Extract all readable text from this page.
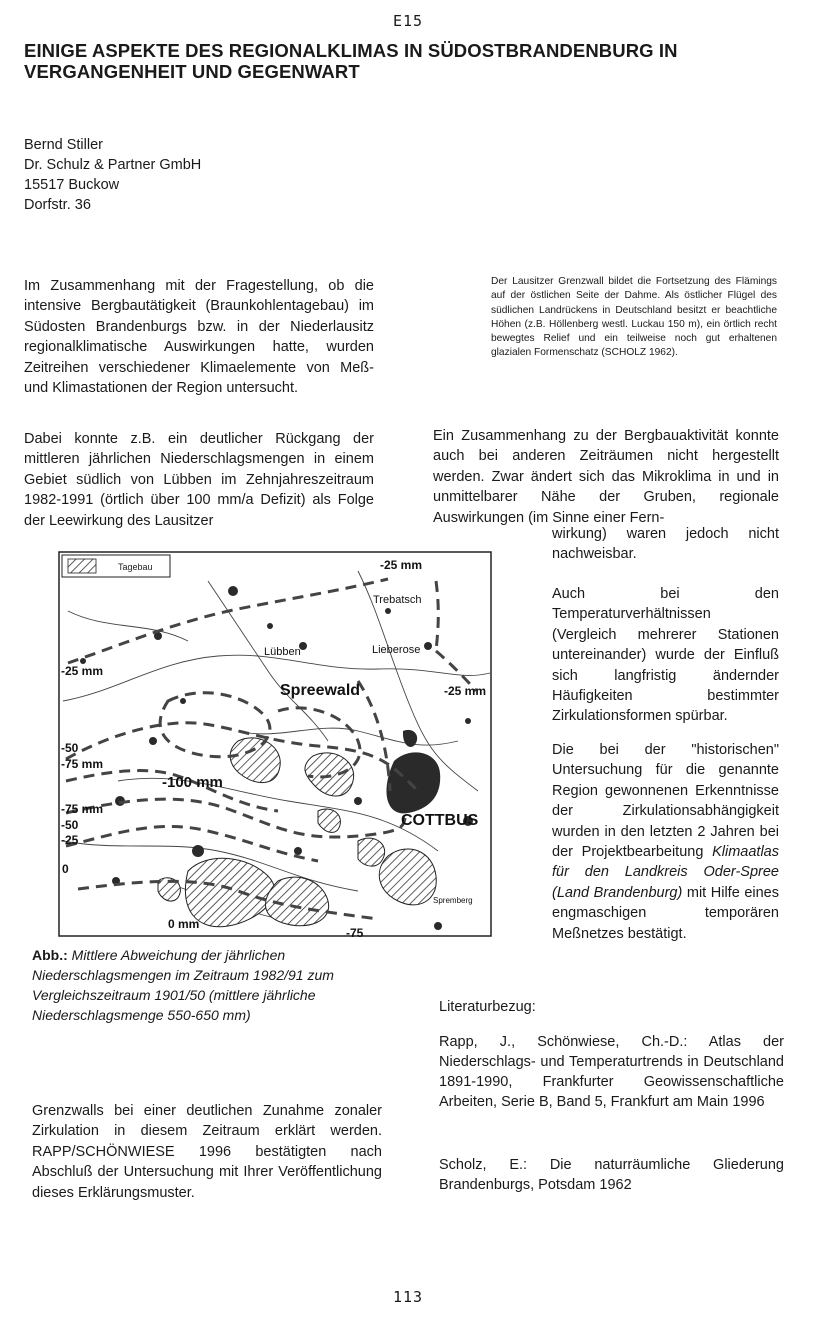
E15
EINIGE ASPEKTE DES REGIONALKLIMAS IN SÜDOSTBRANDENBURG IN VERGANGENHEIT UND GEGENWART
Bernd Stiller
Dr. Schulz & Partner GmbH
15517 Buckow
Dorfstr. 36
Im Zusammenhang mit der Fragestellung, ob die intensive Bergbautätigkeit (Braunkohlentagebau) im Südosten Brandenburgs bzw. in der Niederlausitz regionalklimatische Auswirkungen hatte, wurden Zeitreihen verschiedener Klimaelemente von Meß- und Klimastationen der Region untersucht.
Dabei konnte z.B. ein deutlicher Rückgang der mittleren jährlichen Niederschlagsmengen in einem Gebiet südlich von Lübben im Zehnjahreszeitraum 1982-1991 (örtlich über 100 mm/a Defizit) als Folge der Leewirkung des Lausitzer
Tagebau	-25 mm
Trebatsch
Lübben	Lieberose
-25 mm
Spreewald	-25 mm
-50
-75 mm
-100 mm
-75 mm
-50
-25
0
COTTBUS
0 mm
-75
Spremberg
Abb.: Mittlere Abweichung der jährlichen Niederschlagsmengen im Zeitraum 1982/91 zum Vergleichszeitraum 1901/50 (mittlere jährliche Niederschlagsmenge 550-650 mm)
Grenzwalls bei einer deutlichen Zunahme zonaler Zirkulation in diesem Zeitraum erklärt werden. RAPP/SCHÖNWIESE 1996 bestätigten nach Abschluß der Untersuchung mit Ihrer Veröffentlichung dieses Erklärungsmuster.
Der Lausitzer Grenzwall bildet die Fortsetzung des Flämings auf der östlichen Seite der Dahme. Als östlicher Flügel des südlichen Landrückens in Deutschland besitzt er beachtliche Höhen (z.B. Höllenberg westl. Luckau 150 m), ein örtlich recht bewegtes Relief und ein teilweise noch gut erhaltenen glazialen Formenschatz (SCHOLZ 1962).
Ein Zusammenhang zu der Bergbauaktivität konnte auch bei anderen Zeiträumen nicht hergestellt werden. Zwar ändert sich das Mikroklima in und in unmittelbarer Nähe der Gruben, regionale Auswirkungen (im Sinne einer Fern-
wirkung) waren jedoch nicht nachweisbar.
Auch bei den Temperaturverhältnissen (Vergleich mehrerer Stationen untereinander) wurde der Einfluß sich langfristig ändernder Häufigkeiten bestimmter Zirkulationsformen spürbar.
Die bei der "historischen" Untersuchung für die genannte Region gewonnenen Erkenntnisse der Zirkulationsabhängigkeit wurden in den letzten 2 Jahren bei der Projektbearbeitung Klimaatlas für den Landkreis Oder-Spree (Land Brandenburg) mit Hilfe eines engmaschigen temporären Meßnetzes bestätigt.
Literaturbezug:
Rapp, J., Schönwiese, Ch.-D.: Atlas der Niederschlags- und Temperaturtrends in Deutschland 1891-1990, Frankfurter Geowissenschaftliche Arbeiten, Serie B, Band 5, Frankfurt am Main 1996
Scholz, E.: Die naturräumliche Gliederung Brandenburgs, Potsdam 1962
113
